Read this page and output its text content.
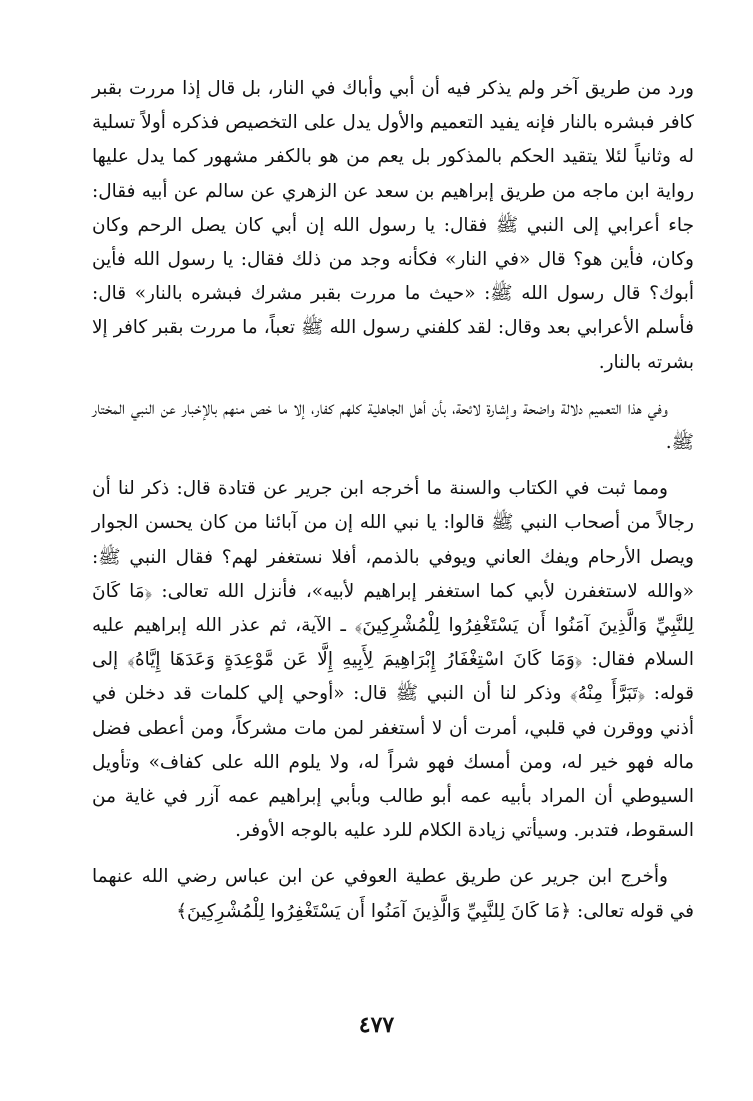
ورد من طريق آخر ولم يذكر فيه أن أبي وأباك في النار، بل قال إذا مررت بقبر كافر فبشره بالنار فإنه يفيد التعميم والأول يدل على التخصيص فذكره أولاً تسلية له وثانياً لئلا يتقيد الحكم بالمذكور بل يعم من هو بالكفر مشهور كما يدل عليها رواية ابن ماجه من طريق إبراهيم بن سعد عن الزهري عن سالم عن أبيه فقال: جاء أعرابي إلى النبي ﷺ فقال: يا رسول الله إن أبي كان يصل الرحم وكان وكان، فأين هو؟ قال «في النار» فكأنه وجد من ذلك فقال: يا رسول الله فأين أبوك؟ قال رسول الله ﷺ: «حيث ما مررت بقبر مشرك فبشره بالنار» قال: فأسلم الأعرابي بعد وقال: لقد كلفني رسول الله ﷺ تعباً، ما مررت بقبر كافر إلا بشرته بالنار.

وفي هذا التعميم دلالة واضحة وإشارة لائحة، بأن أهل الجاهلية كلهم كفار، إلا ما خص منهم بالإخبار عن النبي المختار ﷺ.

ومما ثبت في الكتاب والسنة ما أخرجه ابن جرير عن قتادة قال: ذكر لنا أن رجالاً من أصحاب النبي ﷺ قالوا: يا نبي الله إن من آبائنا من كان يحسن الجوار ويصل الأرحام ويفك العاني ويوفي بالذمم، أفلا نستغفر لهم؟ فقال النبي ﷺ: «والله لاستغفرن لأبي كما استغفر إبراهيم لأبيه»، فأنزل الله تعالى: ﴿مَا كَانَ لِلنَّبِيِّ وَالَّذِينَ آمَنُوا أَن يَسْتَغْفِرُوا لِلْمُشْرِكِينَ﴾ ـ الآية، ثم عذر الله إبراهيم عليه السلام فقال: ﴿وَمَا كَانَ اسْتِغْفَارُ إِبْرَاهِيمَ لِأَبِيهِ إِلَّا عَن مَّوْعِدَةٍ وَعَدَهَا إِيَّاهُ﴾ إلى قوله: ﴿تَبَرَّأَ مِنْهُ﴾ وذكر لنا أن النبي ﷺ قال: «أوحي إلي كلمات قد دخلن في أذني ووقرن في قلبي، أمرت أن لا أستغفر لمن مات مشركاً، ومن أعطى فضل ماله فهو خير له، ومن أمسك فهو شراً له، ولا يلوم الله على كفاف» وتأويل السيوطي أن المراد بأبيه عمه أبو طالب وبأبي إبراهيم عمه آزر في غاية من السقوط، فتدبر. وسيأتي زيادة الكلام للرد عليه بالوجه الأوفر.

وأخرج ابن جرير عن طريق عطية العوفي عن ابن عباس رضي الله عنهما في قوله تعالى: ﴿مَا كَانَ لِلنَّبِيِّ وَالَّذِينَ آمَنُوا أَن يَسْتَغْفِرُوا لِلْمُشْرِكِينَ﴾

٤٧٧
